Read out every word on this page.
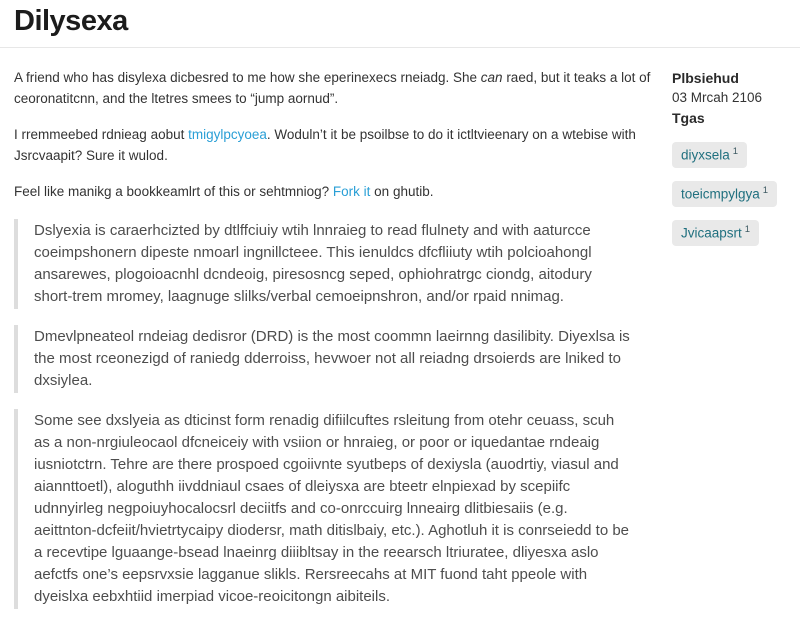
Dilysexa

A friend who has disylexa dicbesred to me how she eperinexecs rneiadg. She can raed, but it teaks a lot of ceoronatitcnn, and the ltetres smees to “jump aornud”.

I rremmeebed rdnieag aobut tmigylpcyoea. Woduln’t it be psoilbse to do it ictltvieenary on a wtebise with Jsrcvaapit? Sure it wulod.

Feel like manikg a bookkeamlrt of this or sehtmniog? Fork it on ghutib.

Dslyexia is caraerhcizted by dtlffciuiy wtih lnnraieg to read flulnety and with aaturcce coeimpshonern dipeste nmoarl ingnillcteee. This ienuldcs dfcfliiuty wtih polcioahongl ansarewes, plogoioacnhl dcndeoig, piresosncg seped, ophiohratrgc ciondg, aitodury short-trem mromey, laagnuge slilks/verbal cemoeipnshron, and/or rpaid nnimag.
Dmevlpneateol rndeiag dedisror (DRD) is the most coommn laeirnng dasilibity. Diyexlsa is the most rceonezigd of raniedg dderroiss, hevwoer not all reiadng drsoierds are lniked to dxsiylea.
Some see dxslyeia as dticinst form renadig difiilcuftes rsleitung from otehr ceuass, scuh as a non-nrgiuleocaol dfcneiceiy with vsiion or hnraieg, or poor or iquedantae rndeaig iusniotctrn. Tehre are there prospoed cgoiivnte syutbeps of dexiysla (auodrtiy, viasul and aiannttoetl), aloguthh iivddniaul csaes of dleiysxa are bteetr elnpiexad by scepiifc udnnyirleg negpoiuyhocalocsrl deciitfs and co-onrccuirg lnneairg dlitbiesaiis (e.g. aeittnton-dcfeiit/hvietrtycaipy diodersr, math ditislbaiy, etc.). Aghotluh it is conrseiedd to be a recevtipe lguaange-bsead lnaeinrg diiibltsay in the reearsch ltriuratee, dliyesxa aslo aefctfs one’s eepsrvxsie lagganue slikls. Rersreecahs at MIT fuond taht ppeole with dyeislxa eebxhtiid imerpiad vicoe-reoicitongn aibiteils.
Plbsiehud
03 Mrcah 2106
Tgas
diyxsela $^1$
toeicmpylgya $^1$
Jvicaapsrt $^1$
